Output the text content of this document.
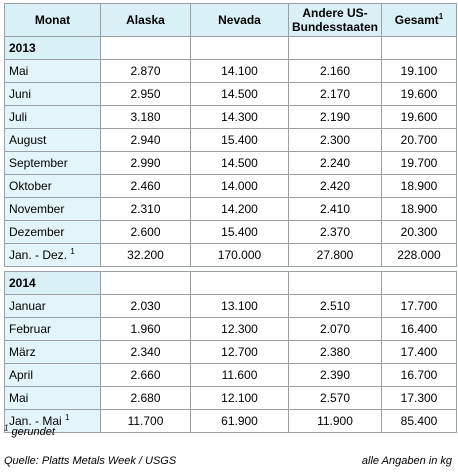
Monat	Alaska	Nevada	Andere US-
Bundesstaaten	Gesamt$^1$
2013				
Mai	2.870	14.100	2.160	19.100
Juni	2.950	14.500	2.170	19.600
Juli	3.180	14.300	2.190	19.600
August	2.940	15.400	2.300	20.700
September	2.990	14.500	2.240	19.700
Oktober	2.460	14.000	2.420	18.900
November	2.310	14.200	2.410	18.900
Dezember	2.600	15.400	2.370	20.300
Jan. - Dez. $^1$	32.200	170.000	27.800	228.000

2014				
Januar	2.030	13.100	2.510	17.700
Februar	1.960	12.300	2.070	16.400
März	2.340	12.700	2.380	17.400
April	2.660	11.600	2.390	16.700
Mai	2.680	12.100	2.570	17.300
Jan. - Mai $^1$	11.700	61.900	11.900	85.400
$^1$ gerundet
Quelle: Platts Metals Week / USGS	alle Angaben in kg
